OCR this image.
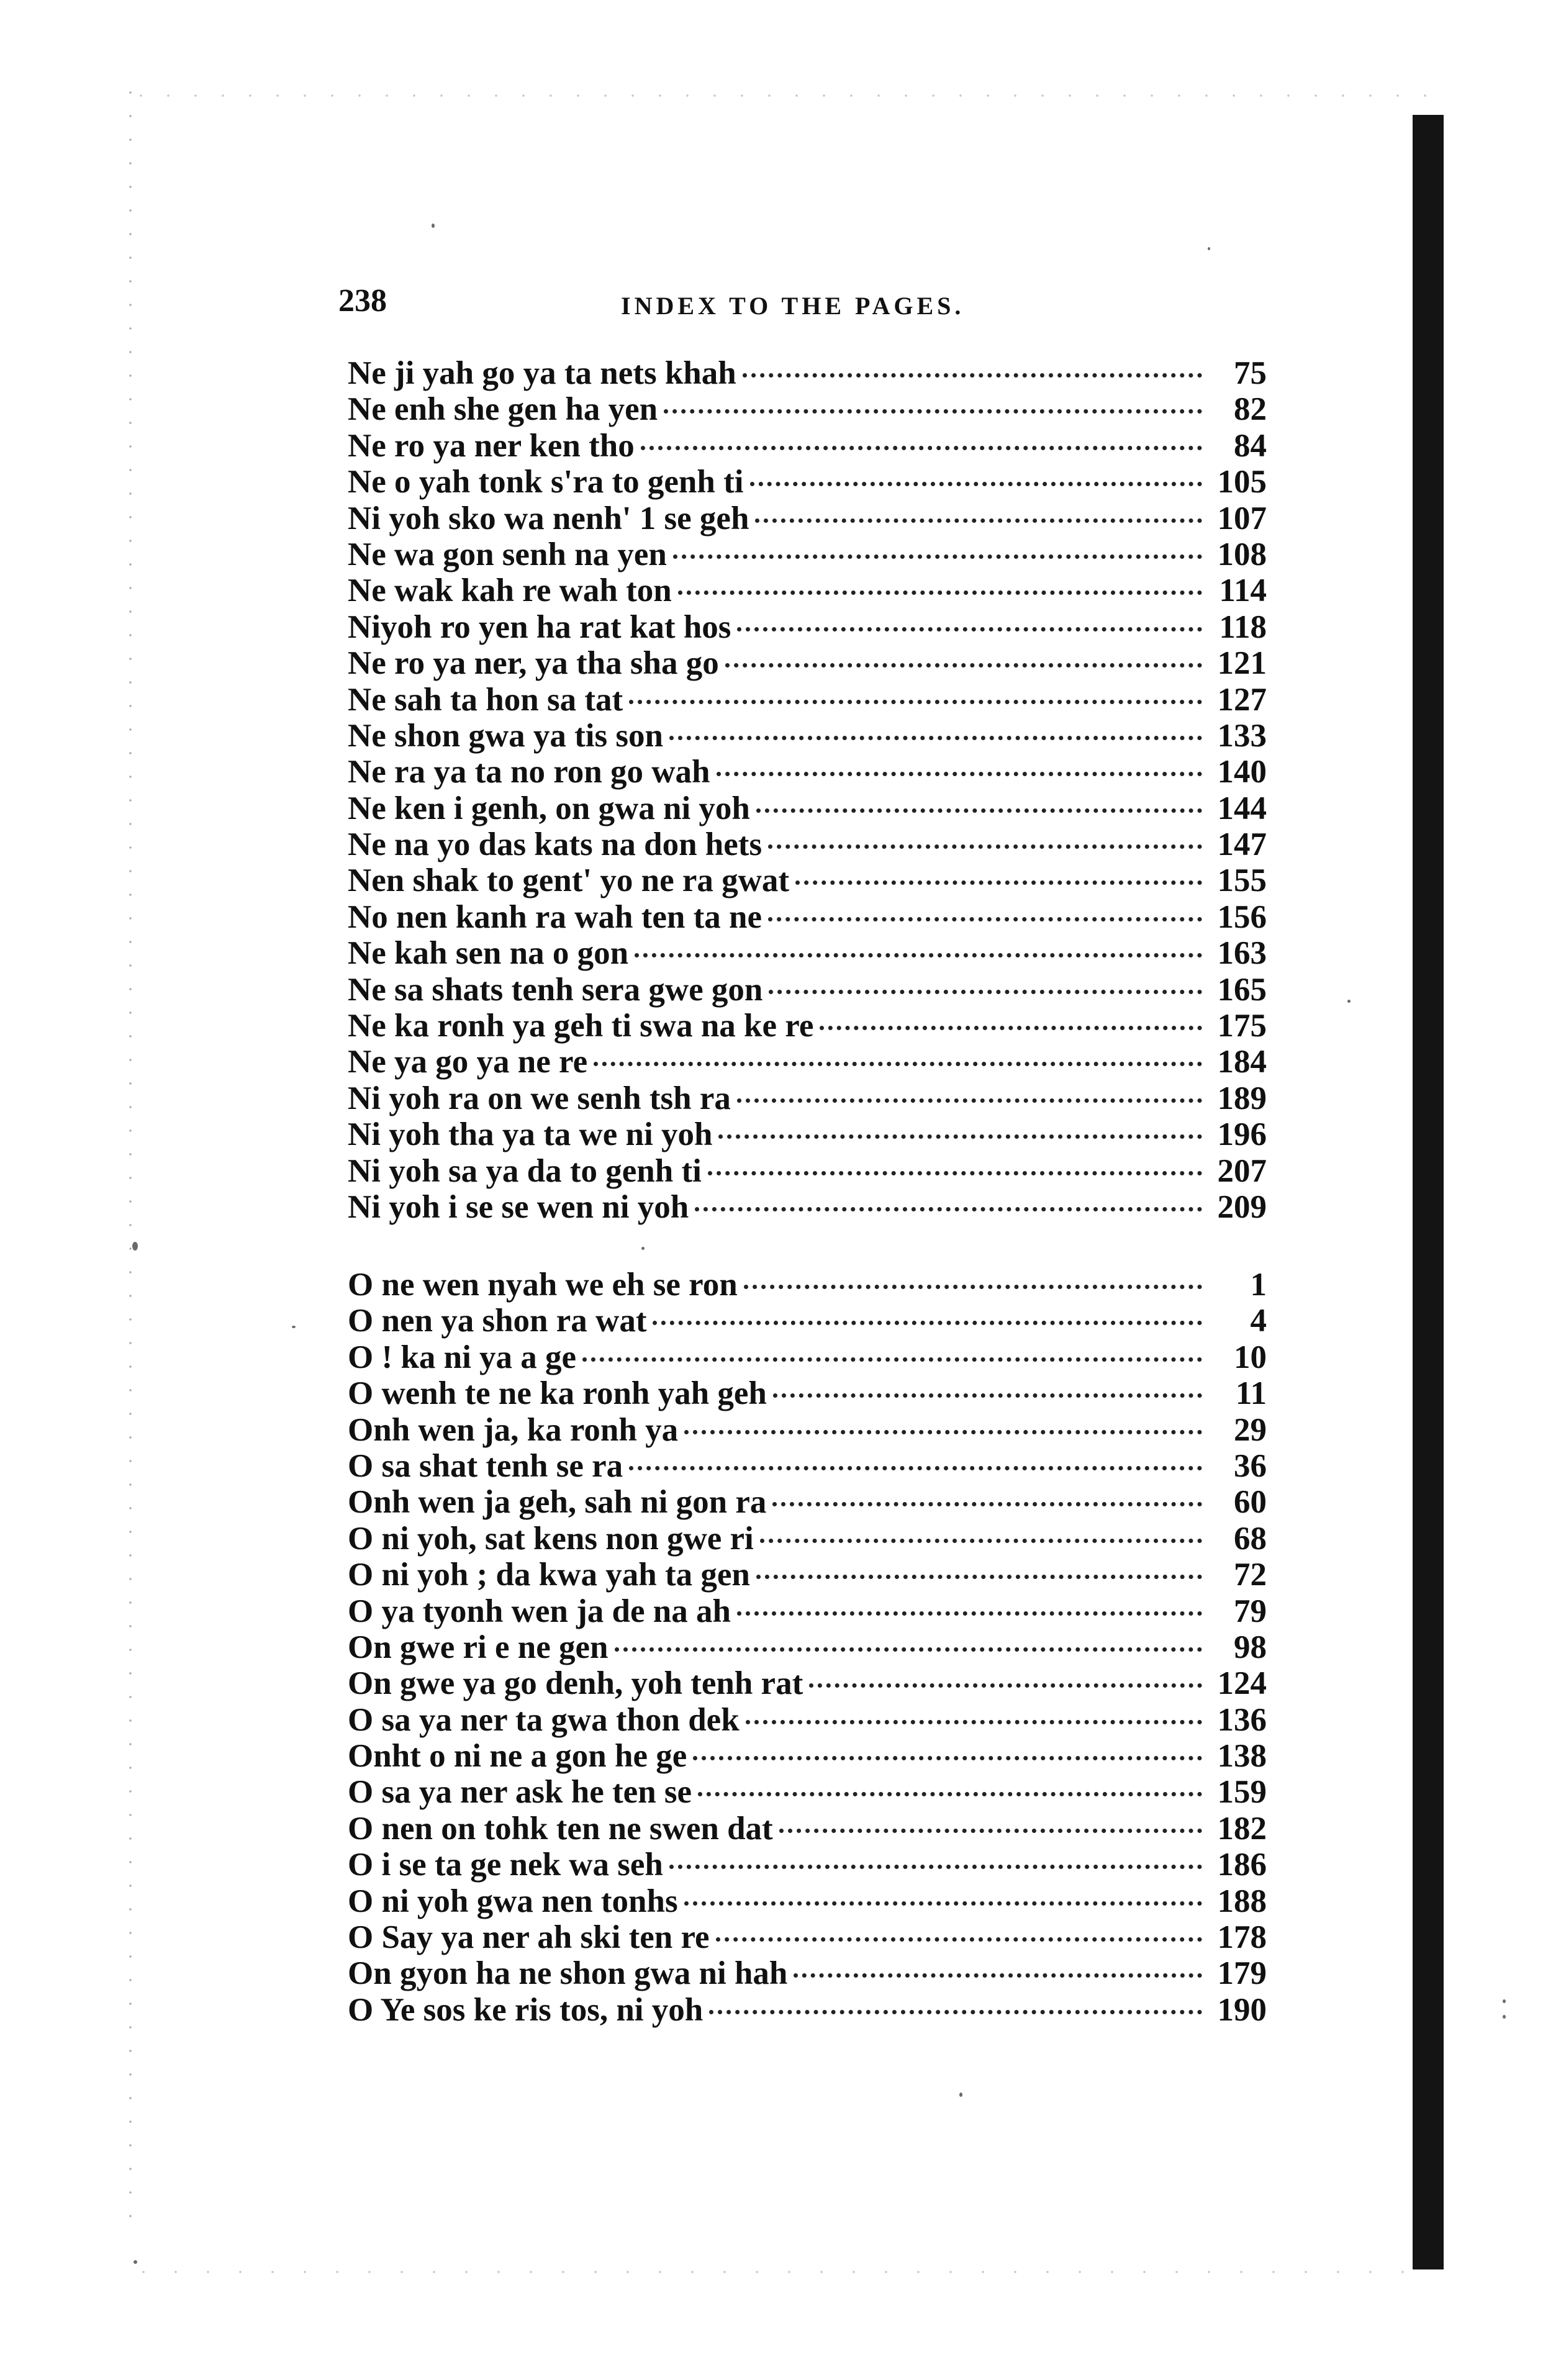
238	INDEX TO THE PAGES.
Ne ji yah go ya ta nets khah	75
Ne enh she gen ha yen	82
Ne ro ya ner ken tho	84
Ne o yah tonk s'ra to genh ti	105
Ni yoh sko wa nenh' 1 se geh	107
Ne wa gon senh na yen	108
Ne wak kah re wah ton	114
Niyoh ro yen ha rat kat hos	118
Ne ro ya ner, ya tha sha go	121
Ne sah ta hon sa tat	127
Ne shon gwa ya tis son	133
Ne ra ya ta no ron go wah	140
Ne ken i genh, on gwa ni yoh	144
Ne na yo das kats na don hets	147
Nen shak to gent' yo ne ra gwat	155
No nen kanh ra wah ten ta ne	156
Ne kah sen na o gon	163
Ne sa shats tenh sera gwe gon	165
Ne ka ronh ya geh ti swa na ke re	175
Ne ya go ya ne re	184
Ni yoh ra on we senh tsh ra	189
Ni yoh tha ya ta we ni yoh	196
Ni yoh sa ya da to genh ti	207
Ni yoh i se se wen ni yoh	209
O ne wen nyah we eh se ron	1
O nen ya shon ra wat	4
O ! ka ni ya a ge	10
O wenh te ne ka ronh yah geh	11
Onh wen ja, ka ronh ya	29
O sa shat tenh se ra	36
Onh wen ja geh, sah ni gon ra	60
O ni yoh, sat kens non gwe ri	68
O ni yoh ; da kwa yah ta gen	72
O ya tyonh wen ja de na ah	79
On gwe ri e ne gen	98
On gwe ya go denh, yoh tenh rat	124
O sa ya ner ta gwa thon dek	136
Onht o ni ne a gon he ge	138
O sa ya ner ask he ten se	159
O nen on tohk ten ne swen dat	182
O i se ta ge nek wa seh	186
O ni yoh gwa nen tonhs	188
O Say ya ner ah ski ten re	178
On gyon ha ne shon gwa ni hah	179
O Ye sos ke ris tos, ni yoh	190
